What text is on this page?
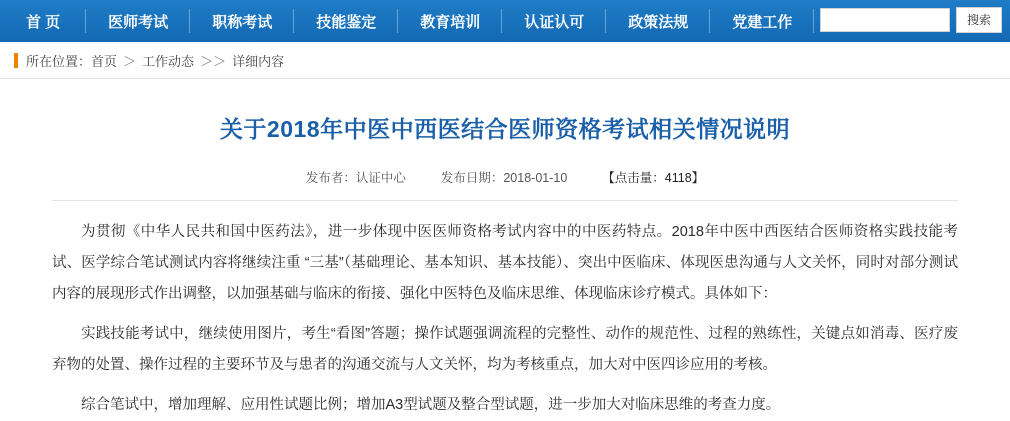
首 页	医师考试	职称考试	技能鉴定	教育培训	认证认可	政策法规	党建工作	搜索
所在位置：首页 ＞ 工作动态 ＞＞ 详细内容
关于2018年中医中西医结合医师资格考试相关情况说明
发布者：认证中心	发布日期：2018-01-10	【点击量：4118】

为贯彻《中华人民共和国中医药法》，进一步体现中医医师资格考试内容中的中医药特点。2018年中医中西医结合医师资格实践技能考试、医学综合笔试测试内容将继续注重 “三基”（基础理论、基本知识、基本技能）、突出中医临床、体现医患沟通与人文关怀，同时对部分测试内容的展现形式作出调整，以加强基础与临床的衔接、强化中医特色及临床思维、体现临床诊疗模式。具体如下：

实践技能考试中，继续使用图片，考生“看图”答题；操作试题强调流程的完整性、动作的规范性、过程的熟练性，关键点如消毒、医疗废弃物的处置、操作过程的主要环节及与患者的沟通交流与人文关怀，均为考核重点，加大对中医四诊应用的考核。

综合笔试中，增加理解、应用性试题比例；增加A3型试题及整合型试题，进一步加大对临床思维的考查力度。
